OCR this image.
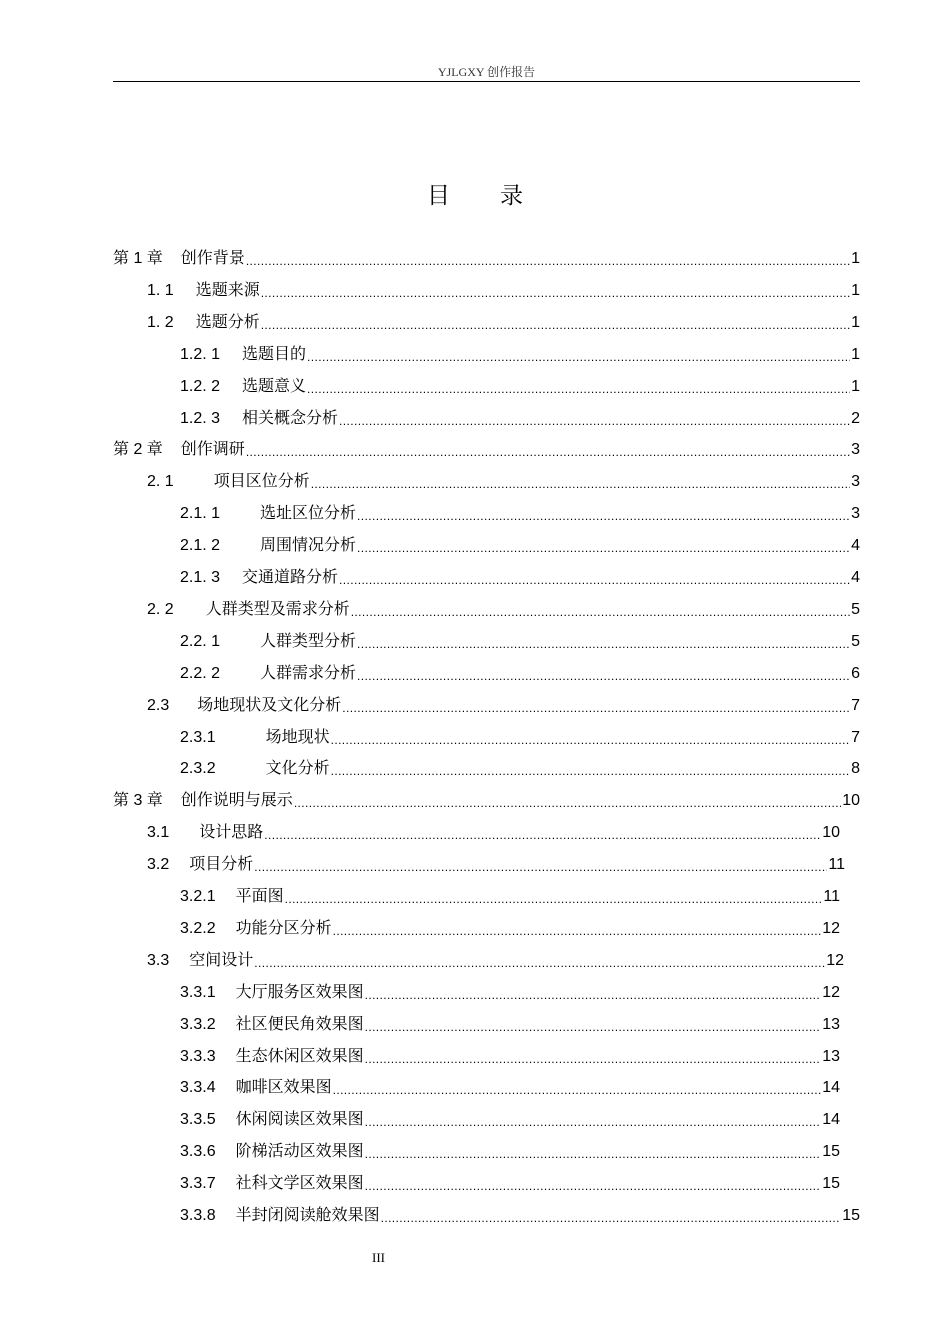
YJLGXY 创作报告
目 录
第 1 章 创作背景 .....	1
1. 1 选题来源 .....	1
1. 2 选题分析 .....	1
1.2. 1 选题目的 .....	1
1.2. 2 选题意义 .....	1
1.2. 3 相关概念分析 .....	2
第 2 章 创作调研 .....	3
2. 1	项目区位分析 .....	3
2.1. 1	选址区位分析 .....	3
2.1. 2	周围情况分析 .....	4
2.1. 3 交通道路分析 .....	4
2. 2 人群类型及需求分析 .....	5
2.2. 1	人群类型分析 .....	5
2.2. 2	人群需求分析 .....	6
2.3 场地现状及文化分析 .....	7
2.3.1	场地现状 .....	7
2.3.2	文化分析 .....	8
第 3 章 创作说明与展示 .....	10
3.1 设计思路 .....	10
3.2 项目分析 .....	11
3.2.1 平面图 .....	11
3.2.2 功能分区分析 .....	12
3.3 空间设计 .....	12
3.3.1 大厅服务区效果图 .....	12
3.3.2 社区便民角效果图 .....	13
3.3.3 生态休闲区效果图 .....	13
3.3.4 咖啡区效果图 .....	14
3.3.5 休闲阅读区效果图 .....	14
3.3.6 阶梯活动区效果图 .....	15
3.3.7 社科文学区效果图 .....	15
3.3.8 半封闭阅读舱效果图 .....	15
III
